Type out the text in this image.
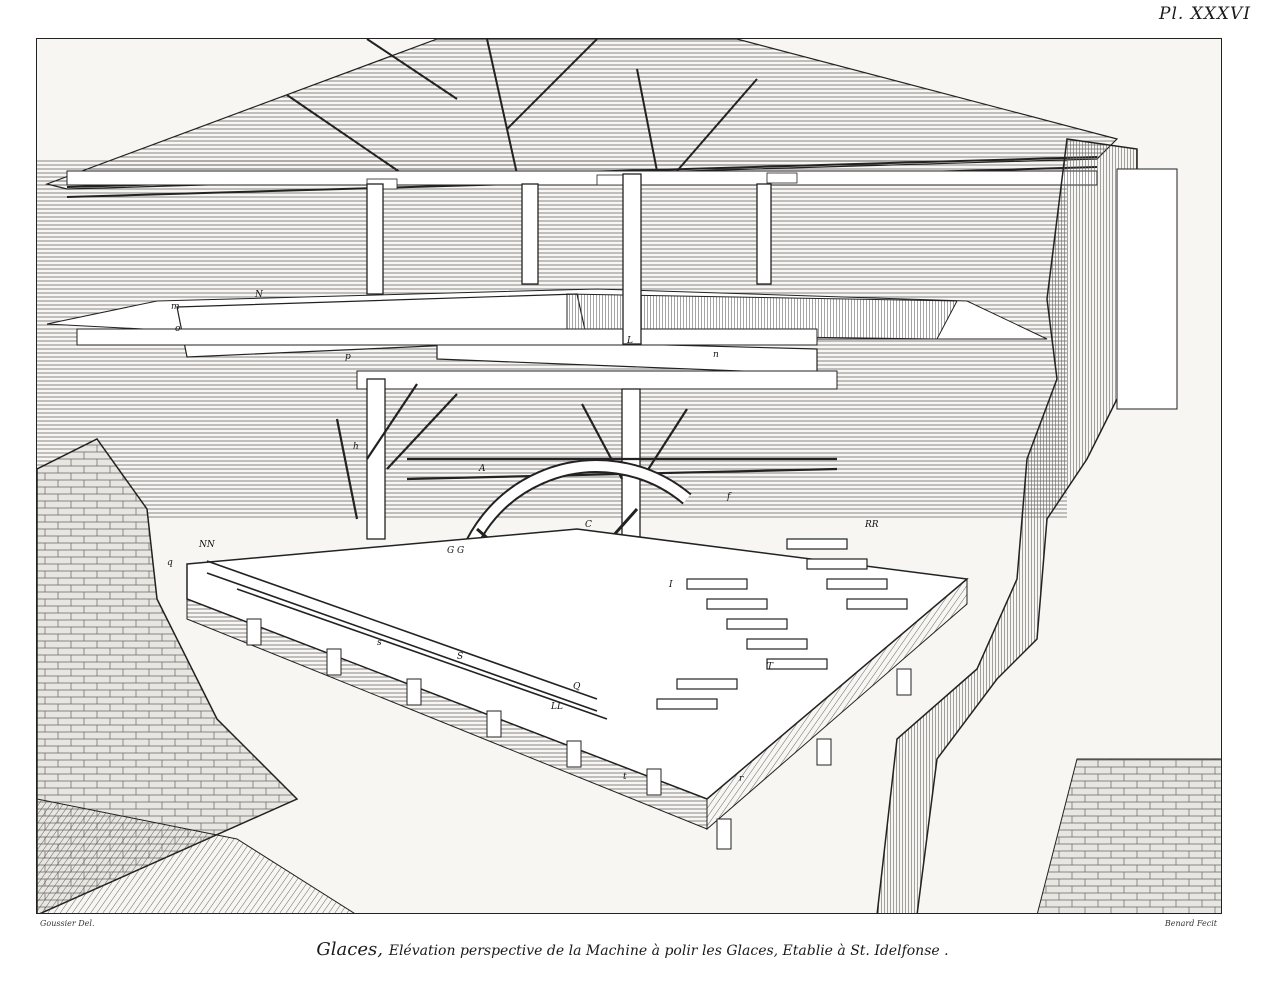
Pl. XXXVI
N
m
o
p
L
n
A
C
f
NN
q
RR
G G
I
T
Q
LL
s
S
t	r
h
Goussier Del.	Benard Fecit
Glaces, Elévation perspective de la Machine à polir les Glaces, Etablie à St. Idelfonse .
